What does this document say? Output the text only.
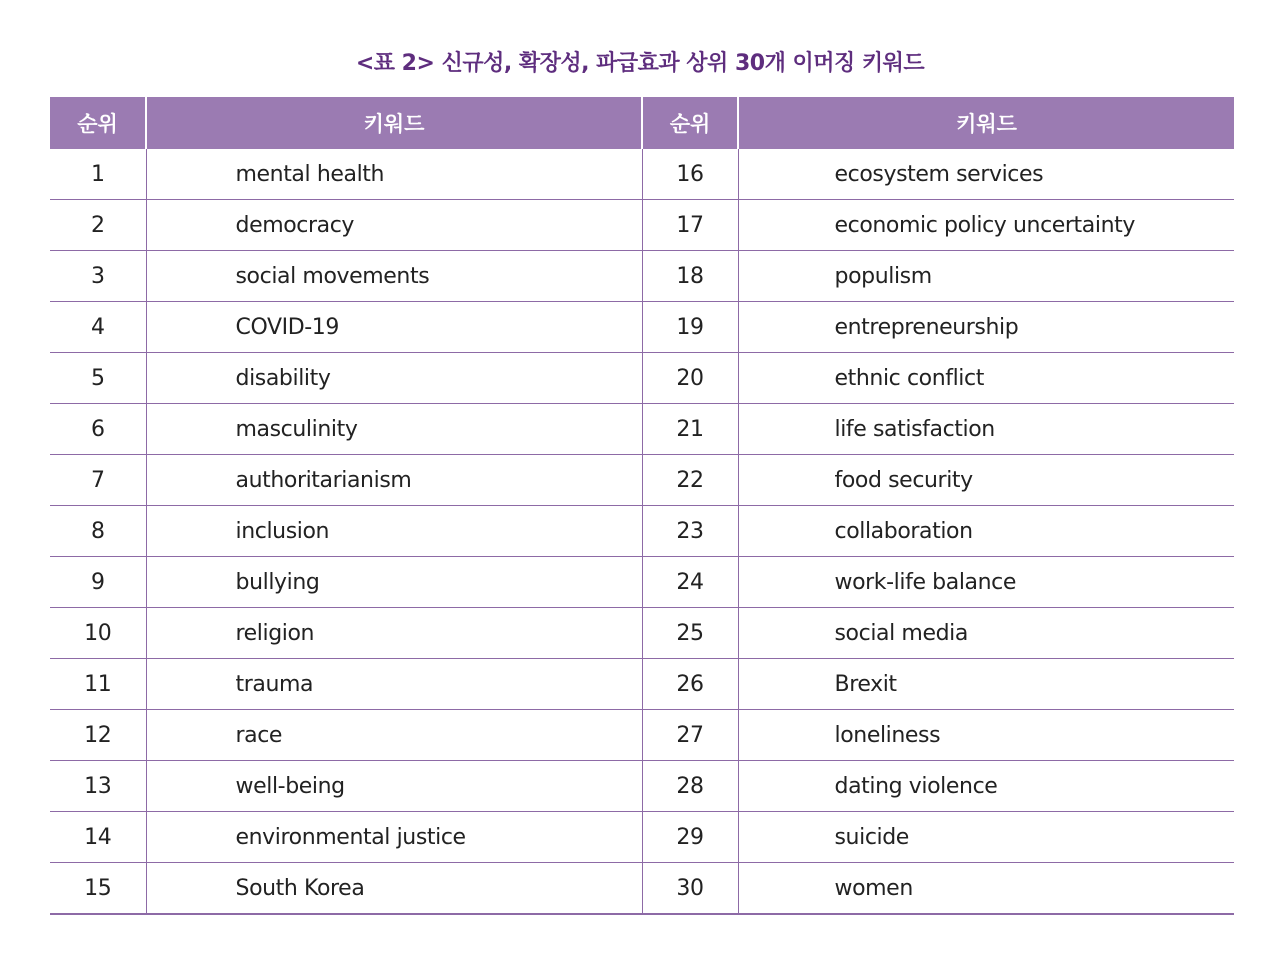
<표 2> 신규성, 확장성, 파급효과 상위 30개 이머징 키워드
순위	키워드	순위	키워드
1	mental health	16	ecosystem services
2	democracy	17	economic policy uncertainty
3	social movements	18	populism
4	COVID-19	19	entrepreneurship
5	disability	20	ethnic conflict
6	masculinity	21	life satisfaction
7	authoritarianism	22	food security
8	inclusion	23	collaboration
9	bullying	24	work-life balance
10	religion	25	social media
11	trauma	26	Brexit
12	race	27	loneliness
13	well-being	28	dating violence
14	environmental justice	29	suicide
15	South Korea	30	women
